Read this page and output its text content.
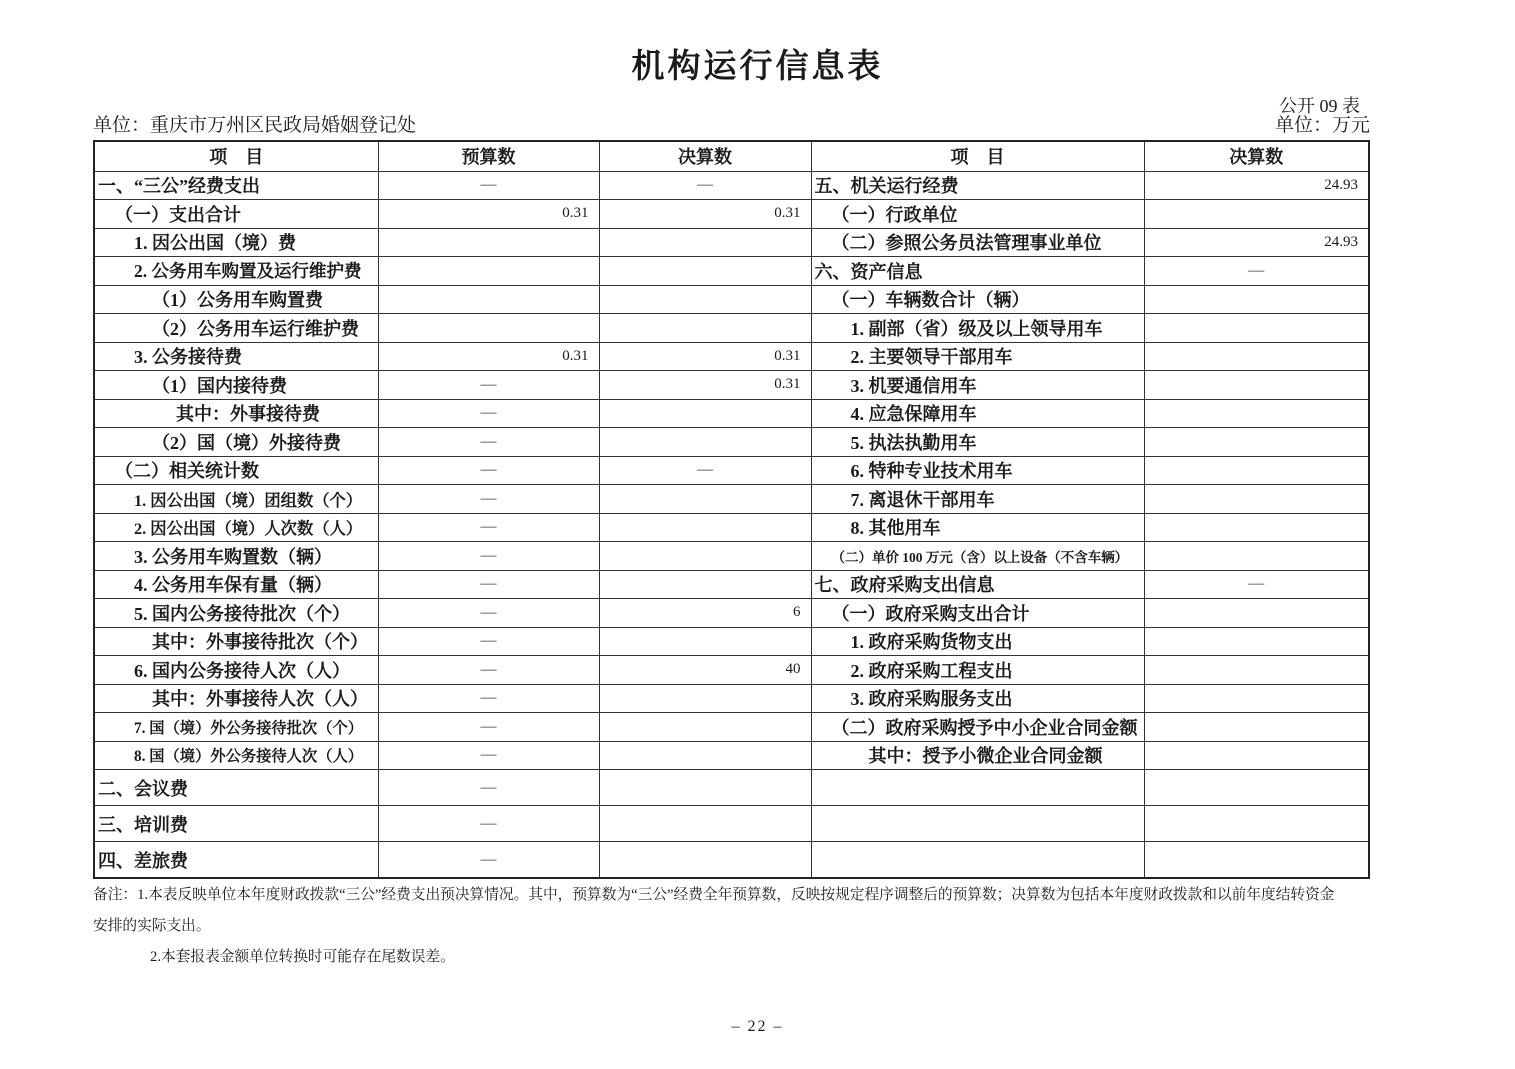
机构运行信息表
公开 09 表
单位：重庆市万州区民政局婚姻登记处	单位：万元
项　目	预算数	决算数	项　目	决算数
一、“三公”经费支出	—	—	五、机关运行经费	24.93
（一）支出合计	0.31	0.31	（一）行政单位	
1. 因公出国（境）费			（二）参照公务员法管理事业单位	24.93
2. 公务用车购置及运行维护费			六、资产信息	—
（1）公务用车购置费			（一）车辆数合计（辆）	
（2）公务用车运行维护费			1. 副部（省）级及以上领导用车	
3. 公务接待费	0.31	0.31	2. 主要领导干部用车	
（1）国内接待费	—	0.31	3. 机要通信用车	
其中：外事接待费	—		4. 应急保障用车	
（2）国（境）外接待费	—		5. 执法执勤用车	
（二）相关统计数	—	—	6. 特种专业技术用车	
1. 因公出国（境）团组数（个）	—		7. 离退休干部用车	
2. 因公出国（境）人次数（人）	—		8. 其他用车	
3. 公务用车购置数（辆）	—		（二）单价 100 万元（含）以上设备（不含车辆）	
4. 公务用车保有量（辆）	—		七、政府采购支出信息	—
5. 国内公务接待批次（个）	—	6	（一）政府采购支出合计	
其中：外事接待批次（个）	—		1. 政府采购货物支出	
6. 国内公务接待人次（人）	—	40	2. 政府采购工程支出	
其中：外事接待人次（人）	—		3. 政府采购服务支出	
7. 国（境）外公务接待批次（个）	—		（二）政府采购授予中小企业合同金额	
8. 国（境）外公务接待人次（人）	—		其中：授予小微企业合同金额	
二、会议费	—			
三、培训费	—			
四、差旅费	—			
备注：1.本表反映单位本年度财政拨款“三公”经费支出预决算情况。其中，预算数为“三公”经费全年预算数，反映按规定程序调整后的预算数；决算数为包括本年度财政拨款和以前年度结转资金
安排的实际支出。
2.本套报表金额单位转换时可能存在尾数误差。
– 22 –
